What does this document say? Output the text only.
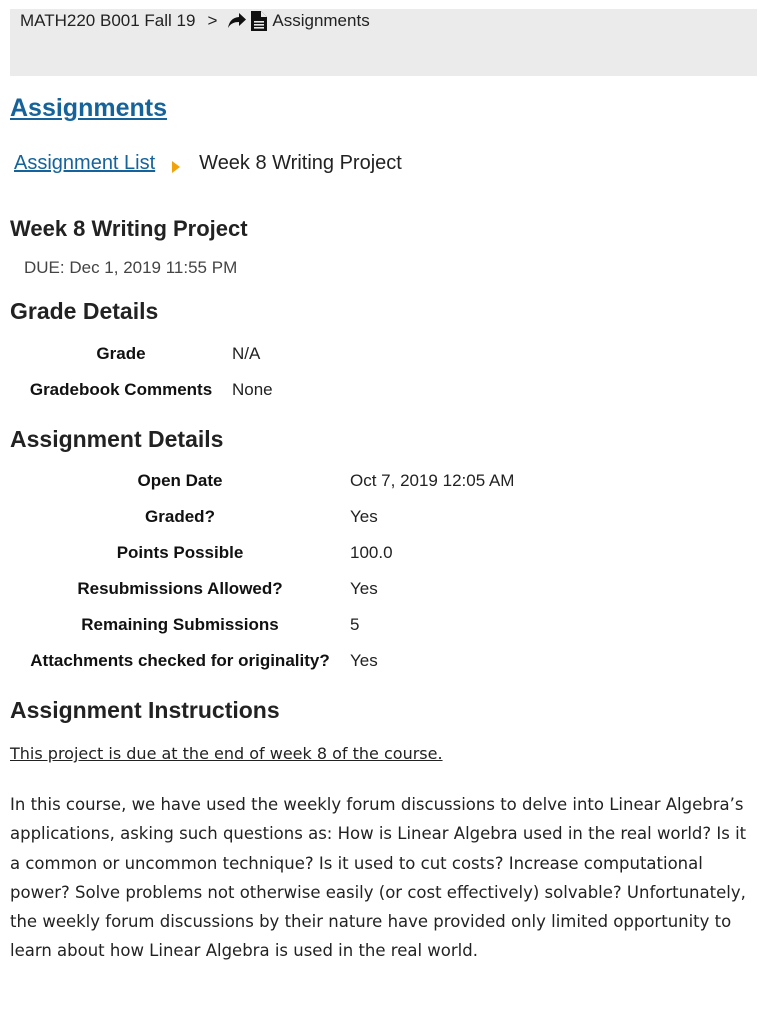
MATH220 B001 Fall 19 >	Assignments
Assignments
Assignment List Week 8 Writing Project
Week 8 Writing Project
DUE: Dec 1, 2019 11:55 PM
Grade Details
Grade	N/A
Gradebook Comments	None
Assignment Details
Open Date	Oct 7, 2019 12:05 AM
Graded?	Yes
Points Possible	100.0
Resubmissions Allowed?	Yes
Remaining Submissions	5
Attachments checked for originality?	Yes
Assignment Instructions
This project is due at the end of week 8 of the course.

In this course, we have used the weekly forum discussions to delve into Linear Algebra’s applications, asking such questions as: How is Linear Algebra used in the real world? Is it a common or uncommon technique? Is it used to cut costs? Increase computational power? Solve problems not otherwise easily (or cost effectively) solvable? Unfortunately, the weekly forum discussions by their nature have provided only limited opportunity to learn about how Linear Algebra is used in the real world.
